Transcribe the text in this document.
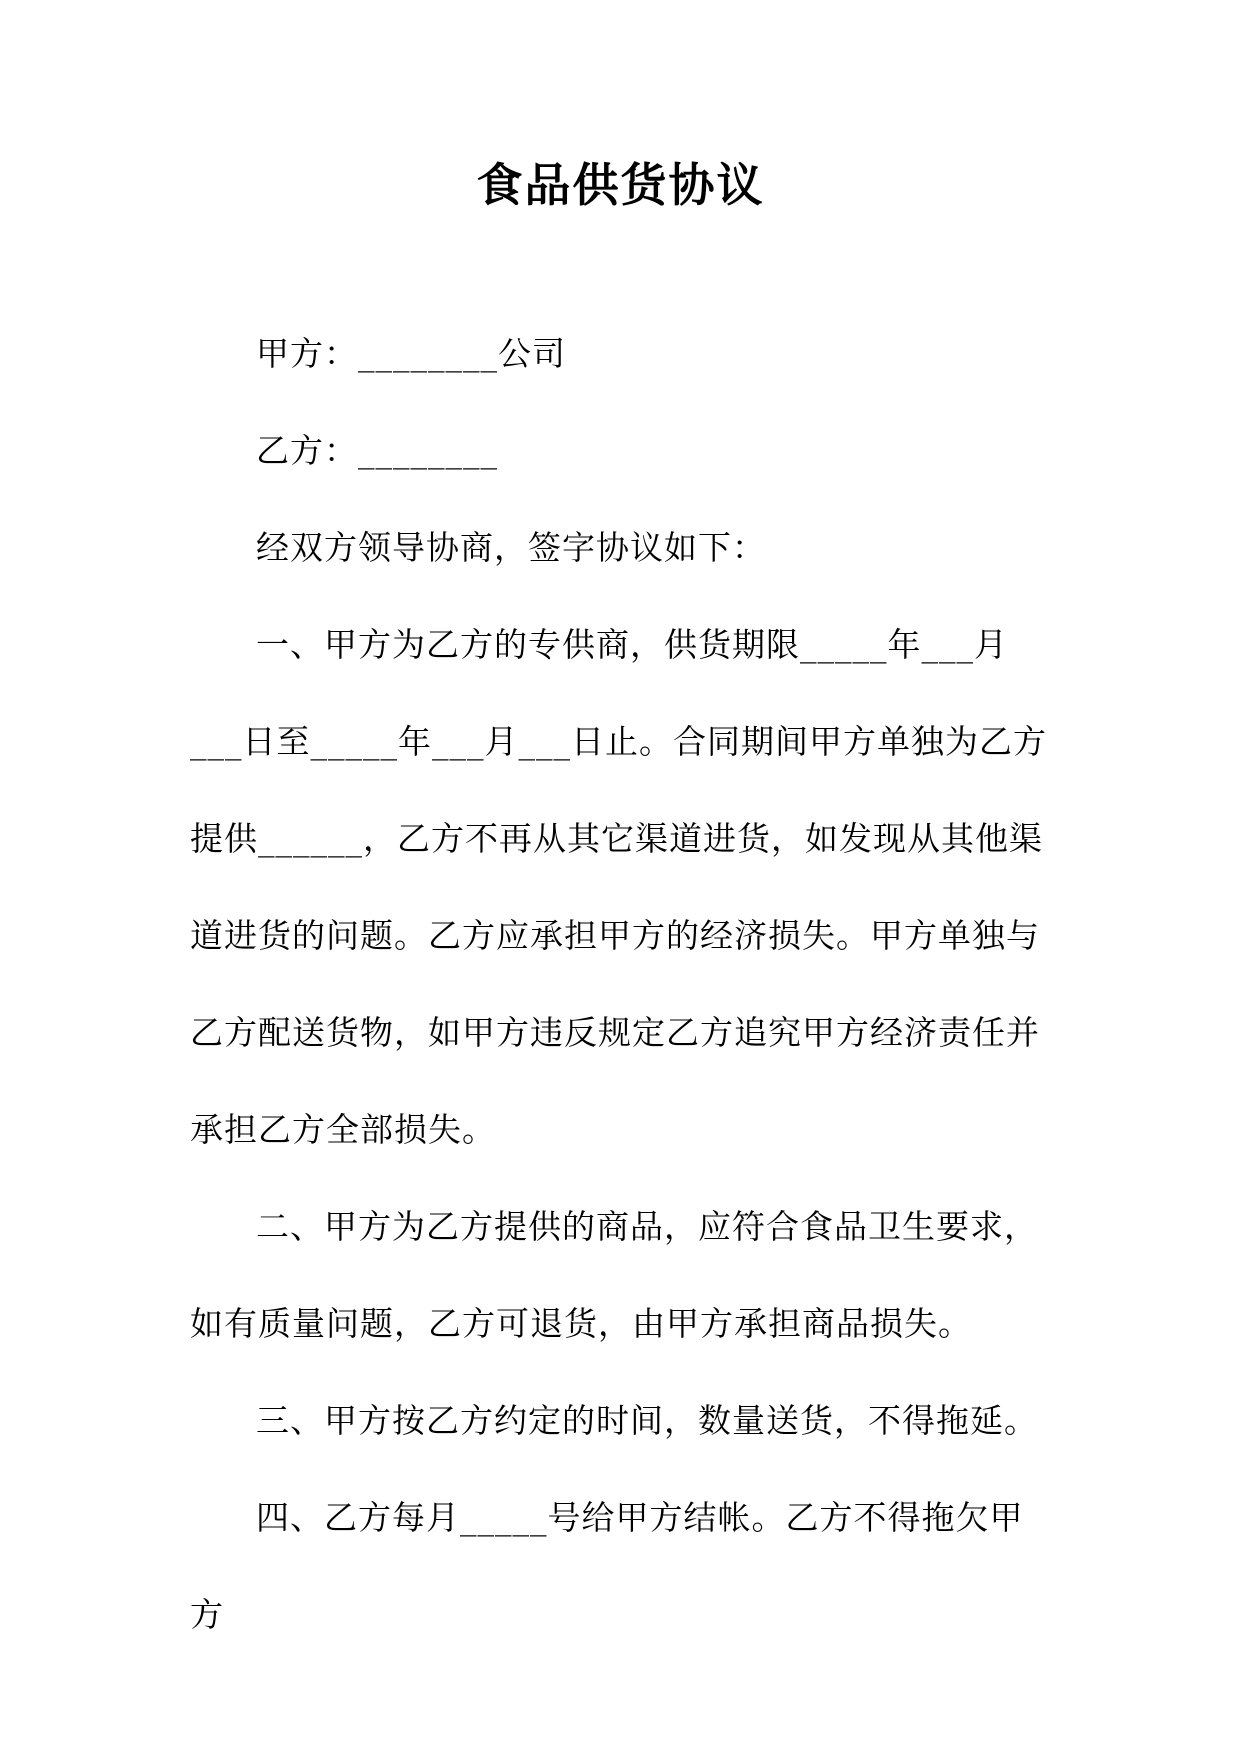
食品供货协议

甲方：________公司

乙方：________

经双方领导协商，签字协议如下：

一、甲方为乙方的专供商，供货期限_____年___月___日至_____年___月___日止。合同期间甲方单独为乙方提供______，乙方不再从其它渠道进货，如发现从其他渠道进货的问题。乙方应承担甲方的经济损失。甲方单独与乙方配送货物，如甲方违反规定乙方追究甲方经济责任并承担乙方全部损失。

二、甲方为乙方提供的商品，应符合食品卫生要求，如有质量问题，乙方可退货，由甲方承担商品损失。

三、甲方按乙方约定的时间，数量送货，不得拖延。

四、乙方每月_____号给甲方结帐。乙方不得拖欠甲方
